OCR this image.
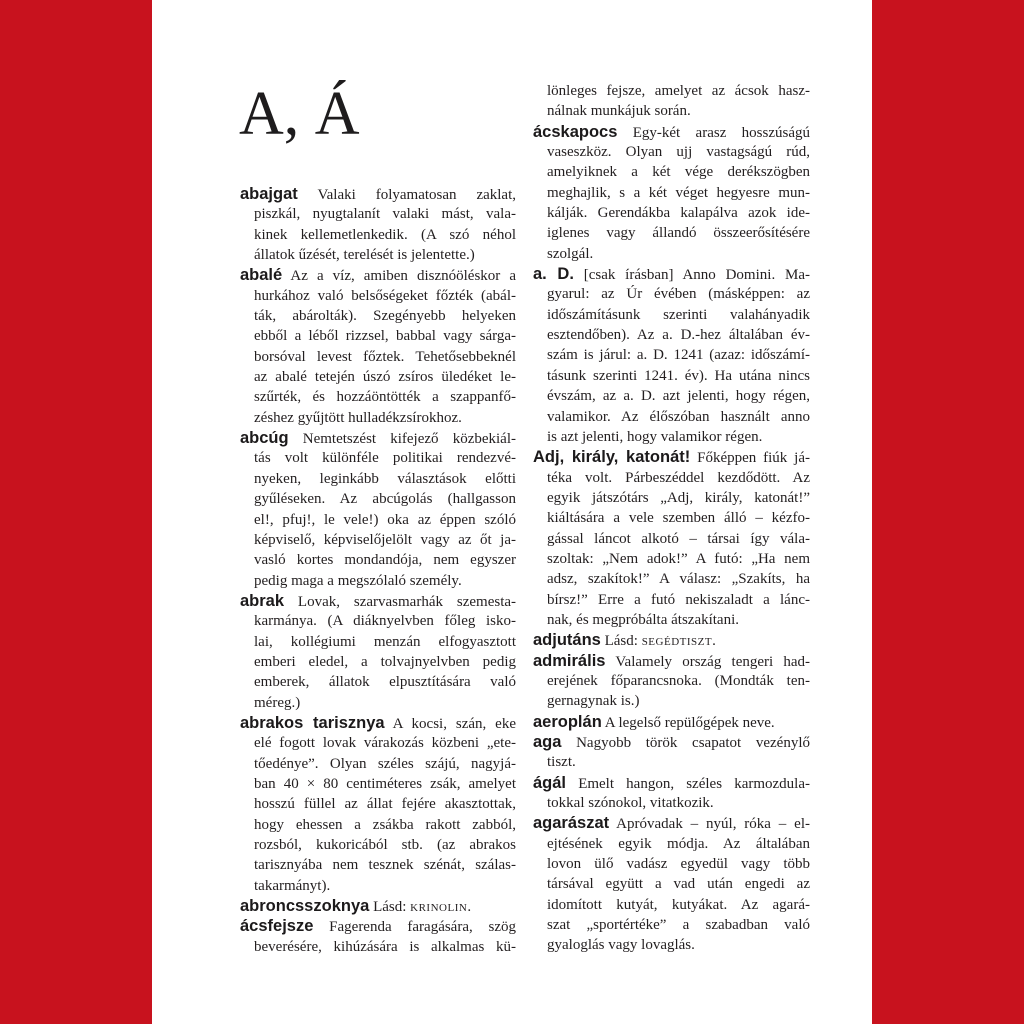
A, Á
abajgat Valaki folyamatosan zaklat,
piszkál, nyugtalanít valaki mást, vala-
kinek kellemetlenkedik. (A szó néhol
állatok űzését, terelését is jelentette.)
abalé Az a víz, amiben disznóöléskor a
hurkához való belsőségeket főzték (abál-
ták, abárolták). Szegényebb helyeken
ebből a léből rizzsel, babbal vagy sárga-
borsóval levest főztek. Tehetősebbeknél
az abalé tetején úszó zsíros üledéket le-
szűrték, és hozzáöntötték a szappanfő-
zéshez gyűjtött hulladékzsírokhoz.
abcúg Nemtetszést kifejező közbekiál-
tás volt különféle politikai rendezvé-
nyeken, leginkább választások előtti
gyűléseken. Az abcúgolás (hallgasson
el!, pfuj!, le vele!) oka az éppen szóló
képviselő, képviselőjelölt vagy az őt ja-
vasló kortes mondandója, nem egyszer
pedig maga a megszólaló személy.
abrak Lovak, szarvasmarhák szemesta-
karmánya. (A diáknyelvben főleg isko-
lai, kollégiumi menzán elfogyasztott
emberi eledel, a tolvajnyelvben pedig
emberek, állatok elpusztítására való
méreg.)
abrakos tarisznya A kocsi, szán, eke
elé fogott lovak várakozás közbeni „ete-
tőedénye”. Olyan széles szájú, nagyjá-
ban 40 × 80 centiméteres zsák, amelyet
hosszú füllel az állat fejére akasztottak,
hogy ehessen a zsákba rakott zabból,
rozsból, kukoricából stb. (az abrakos
tarisznyába nem tesznek szénát, szálas-
takarmányt).
abroncsszoknya Lásd: KRINOLIN.
ácsfejsze Fagerenda faragására, szög
beverésére, kihúzására is alkalmas kü-
lönleges fejsze, amelyet az ácsok hasz-
nálnak munkájuk során.
ácskapocs Egy-két arasz hosszúságú
vaseszköz. Olyan ujj vastagságú rúd,
amelyiknek a két vége derékszögben
meghajlik, s a két véget hegyesre mun-
kálják. Gerendákba kalapálva azok ide-
iglenes vagy állandó összeerősítésére
szolgál.
a. D. [csak írásban] Anno Domini. Ma-
gyarul: az Úr évében (másképpen: az
időszámításunk szerinti valahányadik
esztendőben). Az a. D.-hez általában év-
szám is járul: a. D. 1241 (azaz: időszámí-
tásunk szerinti 1241. év). Ha utána nincs
évszám, az a. D. azt jelenti, hogy régen,
valamikor. Az élőszóban használt anno
is azt jelenti, hogy valamikor régen.
Adj, király, katonát! Főképpen fiúk já-
téka volt. Párbeszéddel kezdődött. Az
egyik játszótárs „Adj, király, katonát!”
kiáltására a vele szemben álló – kézfo-
gással láncot alkotó – társai így vála-
szoltak: „Nem adok!” A futó: „Ha nem
adsz, szakítok!” A válasz: „Szakíts, ha
bírsz!” Erre a futó nekiszaladt a lánc-
nak, és megpróbálta átszakítani.
adjutáns Lásd: SEGÉDTISZT.
admirális Valamely ország tengeri had-
erejének főparancsnoka. (Mondták ten-
gernagynak is.)
aeroplán A legelső repülőgépek neve.
aga Nagyobb török csapatot vezénylő
tiszt.
ágál Emelt hangon, széles karmozdula-
tokkal szónokol, vitatkozik.
agarászat Apróvadak – nyúl, róka – el-
ejtésének egyik módja. Az általában
lovon ülő vadász egyedül vagy több
társával együtt a vad után engedi az
idomított kutyát, kutyákat. Az agará-
szat „sportértéke” a szabadban való
gyaloglás vagy lovaglás.
